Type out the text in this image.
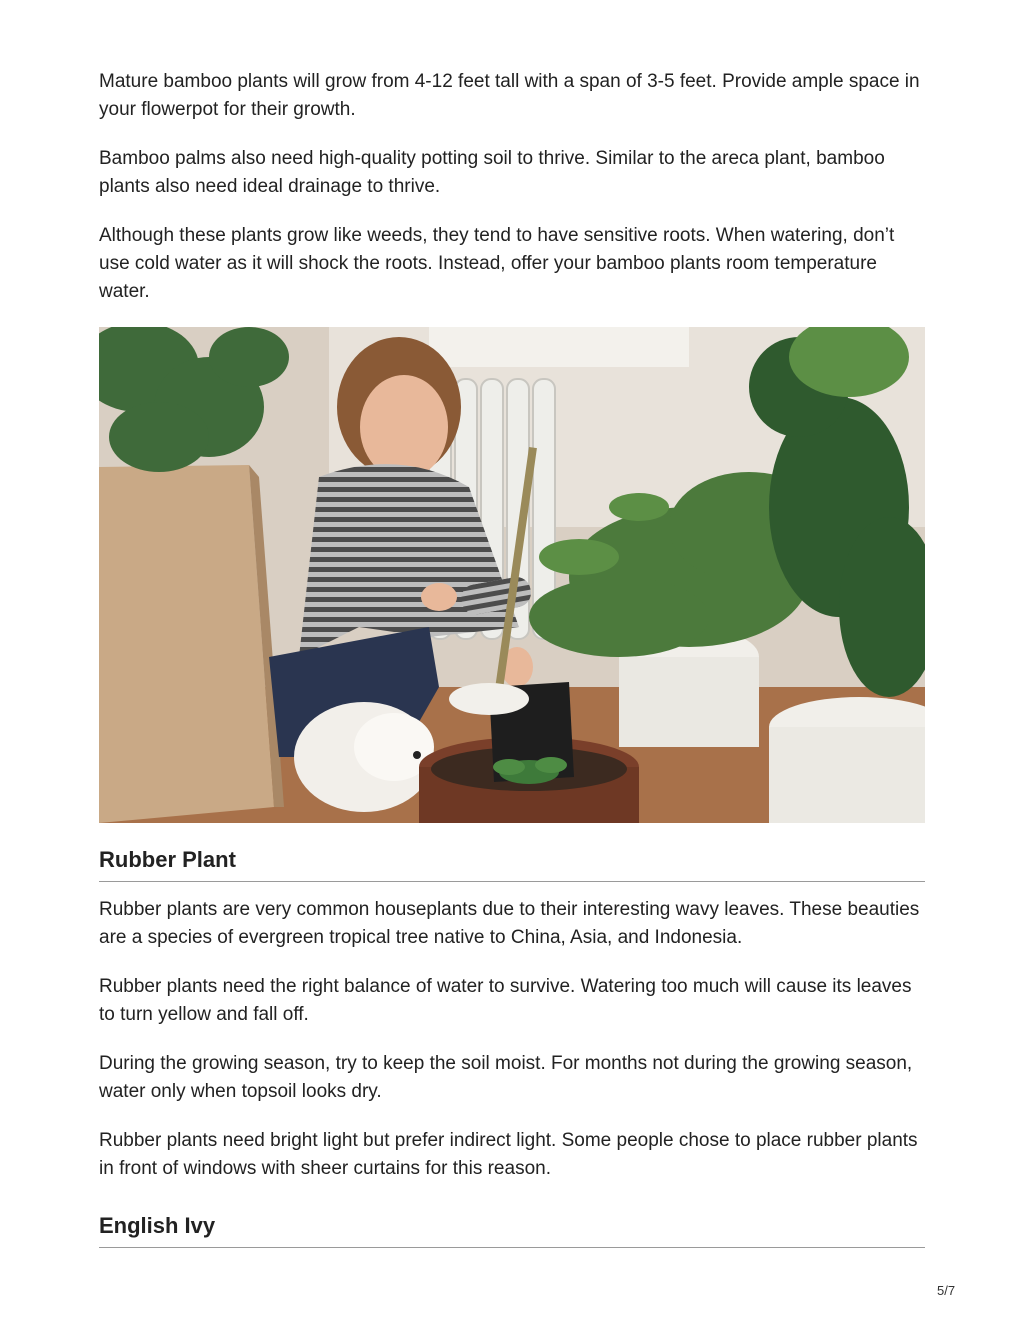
Mature bamboo plants will grow from 4-12 feet tall with a span of 3-5 feet. Provide ample space in your flowerpot for their growth.

Bamboo palms also need high-quality potting soil to thrive. Similar to the areca plant, bamboo plants also need ideal drainage to thrive.

Although these plants grow like weeds, they tend to have sensitive roots. When watering, don’t use cold water as it will shock the roots. Instead, offer your bamboo plants room temperature water.

Rubber Plant

Rubber plants are very common houseplants due to their interesting wavy leaves. These beauties are a species of evergreen tropical tree native to China, Asia, and Indonesia.

Rubber plants need the right balance of water to survive. Watering too much will cause its leaves to turn yellow and fall off.

During the growing season, try to keep the soil moist. For months not during the growing season, water only when topsoil looks dry.

Rubber plants need bright light but prefer indirect light. Some people chose to place rubber plants in front of windows with sheer curtains for this reason.

English Ivy
5/7
